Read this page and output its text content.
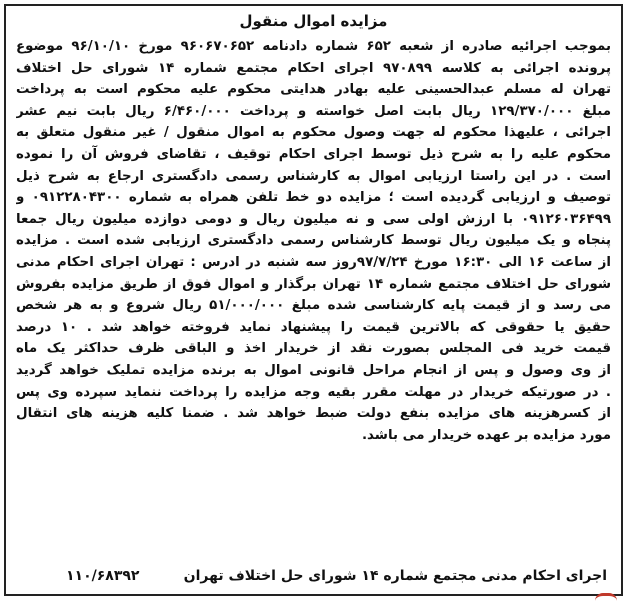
مزایده اموال منقول
بموجب اجرائیه صادره از شعبه ۶۵۲ شماره دادنامه ۹۶۰۶۷۰۶۵۲ مورخ ۹۶/۱۰/۱۰ موضوع
پرونده اجرائی به کلاسه ۹۷۰۸۹۹ اجرای احکام مجتمع شماره ۱۴ شورای حل اختلاف
تهران له مسلم عبدالحسینی علیه بهادر هدایتی محکوم علیه محکوم است به پرداخت
مبلغ ۱۲۹/۳۷۰/۰۰۰ ریال بابت اصل خواسته و پرداخت ۶/۴۶۰/۰۰۰ ریال بابت نیم عشر
اجرائی ، علیهذا محکوم له جهت وصول محکوم به اموال منقول / غیر منقول متعلق به
محکوم علیه را به شرح ذیل توسط اجرای احکام توقیف ، تقاضای فروش آن را نموده
است . در این راستا ارزیابی اموال به کارشناس رسمی دادگستری ارجاع به شرح ذیل
توصیف و ارزیابی گردیده است ؛ مزایده دو خط تلفن همراه به شماره ۰۹۱۲۲۸۰۴۳۰۰ و
۰۹۱۲۶۰۳۶۴۹۹ با ارزش اولی سی و نه میلیون ریال و دومی دوازده میلیون ریال جمعا
پنجاه و یک میلیون ریال توسط کارشناس رسمی دادگستری ارزیابی شده است . مزایده
از ساعت ۱۶ الی ۱۶:۳۰ مورخ ۹۷/۷/۲۴روز سه شنبه در ادرس : تهران اجرای احکام مدنی
شورای حل اختلاف مجتمع شماره ۱۴ تهران برگذار و اموال فوق از طریق مزایده بفروش
می رسد و از قیمت پایه کارشناسی شده مبلغ ۵۱/۰۰۰/۰۰۰ ریال شروع و به هر شخص
حقیق یا حقوقی که بالاترین قیمت را پیشنهاد نماید فروخته خواهد شد . ۱۰ درصد
قیمت خرید فی المجلس بصورت نقد از خریدار اخذ و الباقی ظرف حداکثر یک ماه
از وی وصول و پس از انجام مراحل قانونی اموال به برنده مزایده تملیک خواهد گردید
. در صورتیکه خریدار در مهلت مقرر بقیه وجه مزایده را پرداخت ننماید سپرده وی پس
از کسرهزینه های مزایده بنفع دولت ضبط خواهد شد . ضمنا کلیه هزینه های انتقال
مورد مزایده بر عهده خریدار می باشد.
اجرای احکام مدنی مجتمع شماره ۱۴ شورای حل اختلاف تهران
۱۱۰/۶۸۳۹۲
